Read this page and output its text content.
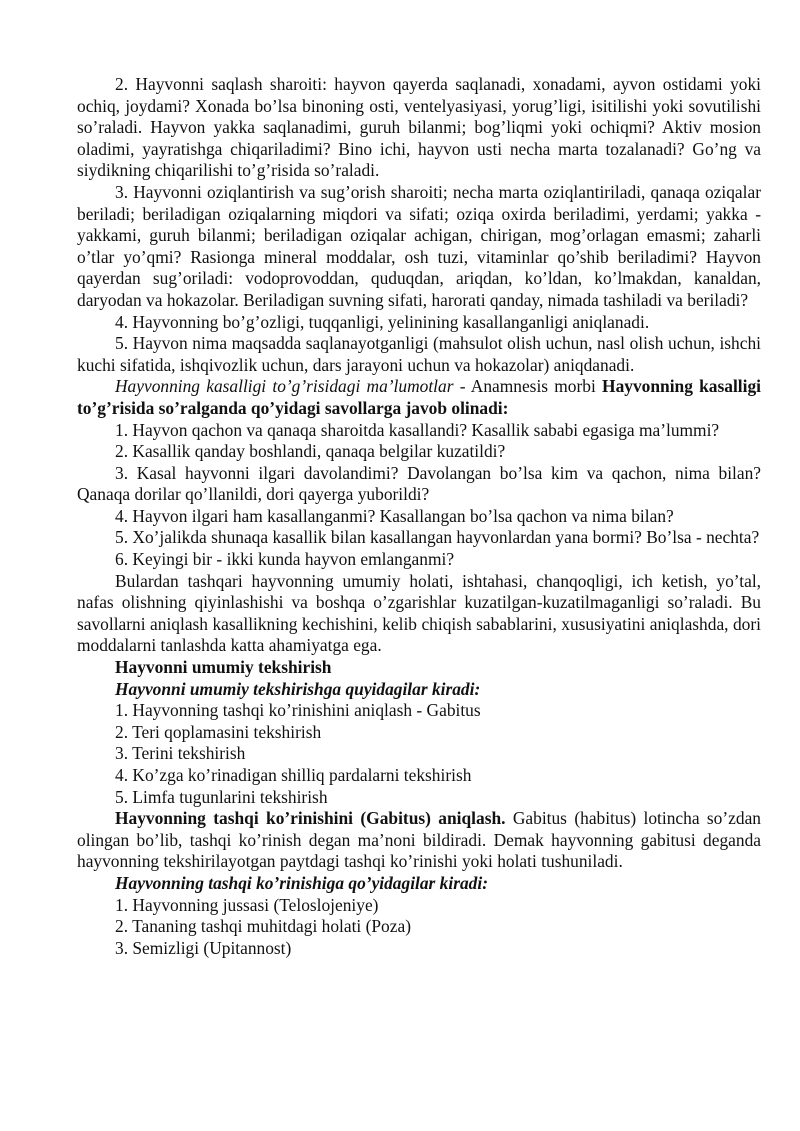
2. Hayvonni saqlash sharoiti: hayvon qayerda saqlanadi, xonadami, ayvon ostidami yoki ochiq, joydami? Xonada bo’lsa binoning osti, ventelyasiyasi, yorug’ligi, isitilishi yoki sovutilishi so’raladi. Hayvon yakka saqlanadimi, guruh bilanmi; bog’liqmi yoki ochiqmi? Aktiv mosion oladimi, yayratishga chiqariladimi? Bino ichi, hayvon usti necha marta tozalanadi? Go’ng va siydikning chiqarilishi to’g’risida so’raladi.

3. Hayvonni oziqlantirish va sug’orish sharoiti; necha marta oziqlantiriladi, qanaqa oziqalar beriladi; beriladigan oziqalarning miqdori va sifati; oziqa oxirda beriladimi, yerdami; yakka - yakkami, guruh bilanmi; beriladigan oziqalar achigan, chirigan, mog’orlagan emasmi; zaharli o’tlar yo’qmi? Rasionga mineral moddalar, osh tuzi, vitaminlar qo’shib beriladimi? Hayvon qayerdan sug’oriladi: vodoprovoddan, quduqdan, ariqdan, ko’ldan, ko’lmakdan, kanaldan, daryodan va hokazolar. Beriladigan suvning sifati, harorati qanday, nimada tashiladi va beriladi?

4. Hayvonning bo’g’ozligi, tuqqanligi, yelinining kasallanganligi aniqlanadi.

5. Hayvon nima maqsadda saqlanayotganligi (mahsulot olish uchun, nasl olish uchun, ishchi kuchi sifatida, ishqivozlik uchun, dars jarayoni uchun va hokazolar) aniqdanadi.

Hayvonning kasalligi to’g’risidagi ma’lumotlar - Anamnesis morbi Hayvonning kasalligi to’g’risida so’ralganda qo’yidagi savollarga javob olinadi:

1. Hayvon qachon va qanaqa sharoitda kasallandi? Kasallik sababi egasiga ma’lummi?

2. Kasallik qanday boshlandi, qanaqa belgilar kuzatildi?

3. Kasal hayvonni ilgari davolandimi? Davolangan bo’lsa kim va qachon, nima bilan? Qanaqa dorilar qo’llanildi, dori qayerga yuborildi?

4. Hayvon ilgari ham kasallanganmi? Kasallangan bo’lsa qachon va nima bilan?

5. Xo’jalikda shunaqa kasallik bilan kasallangan hayvonlardan yana bormi? Bo’lsa - nechta?

6. Keyingi bir - ikki kunda hayvon emlanganmi?

Bulardan tashqari hayvonning umumiy holati, ishtahasi, chanqoqligi, ich ketish, yo’tal, nafas olishning qiyinlashishi va boshqa o’zgarishlar kuzatilgan-kuzatilmaganligi so’raladi. Bu savollarni aniqlash kasallikning kechishini, kelib chiqish sabablarini, xususiyatini aniqlashda, dori moddalarni tanlashda katta ahamiyatga ega.

Hayvonni umumiy tekshirish

Hayvonni umumiy tekshirishga quyidagilar kiradi:

1. Hayvonning tashqi ko’rinishini aniqlash - Gabitus

2. Teri qoplamasini tekshirish

3. Terini tekshirish

4. Ko’zga ko’rinadigan shilliq pardalarni tekshirish

5. Limfa tugunlarini tekshirish

Hayvonning tashqi ko’rinishini (Gabitus) aniqlash. Gabitus (habitus) lotincha so’zdan olingan bo’lib, tashqi ko’rinish degan ma’noni bildiradi. Demak hayvonning gabitusi deganda hayvonning tekshirilayotgan paytdagi tashqi ko’rinishi yoki holati tushuniladi.

Hayvonning tashqi ko’rinishiga qo’yidagilar kiradi:

1. Hayvonning jussasi (Teloslojeniye)

2. Tananing tashqi muhitdagi holati (Poza)

3. Semizligi (Upitannost)
